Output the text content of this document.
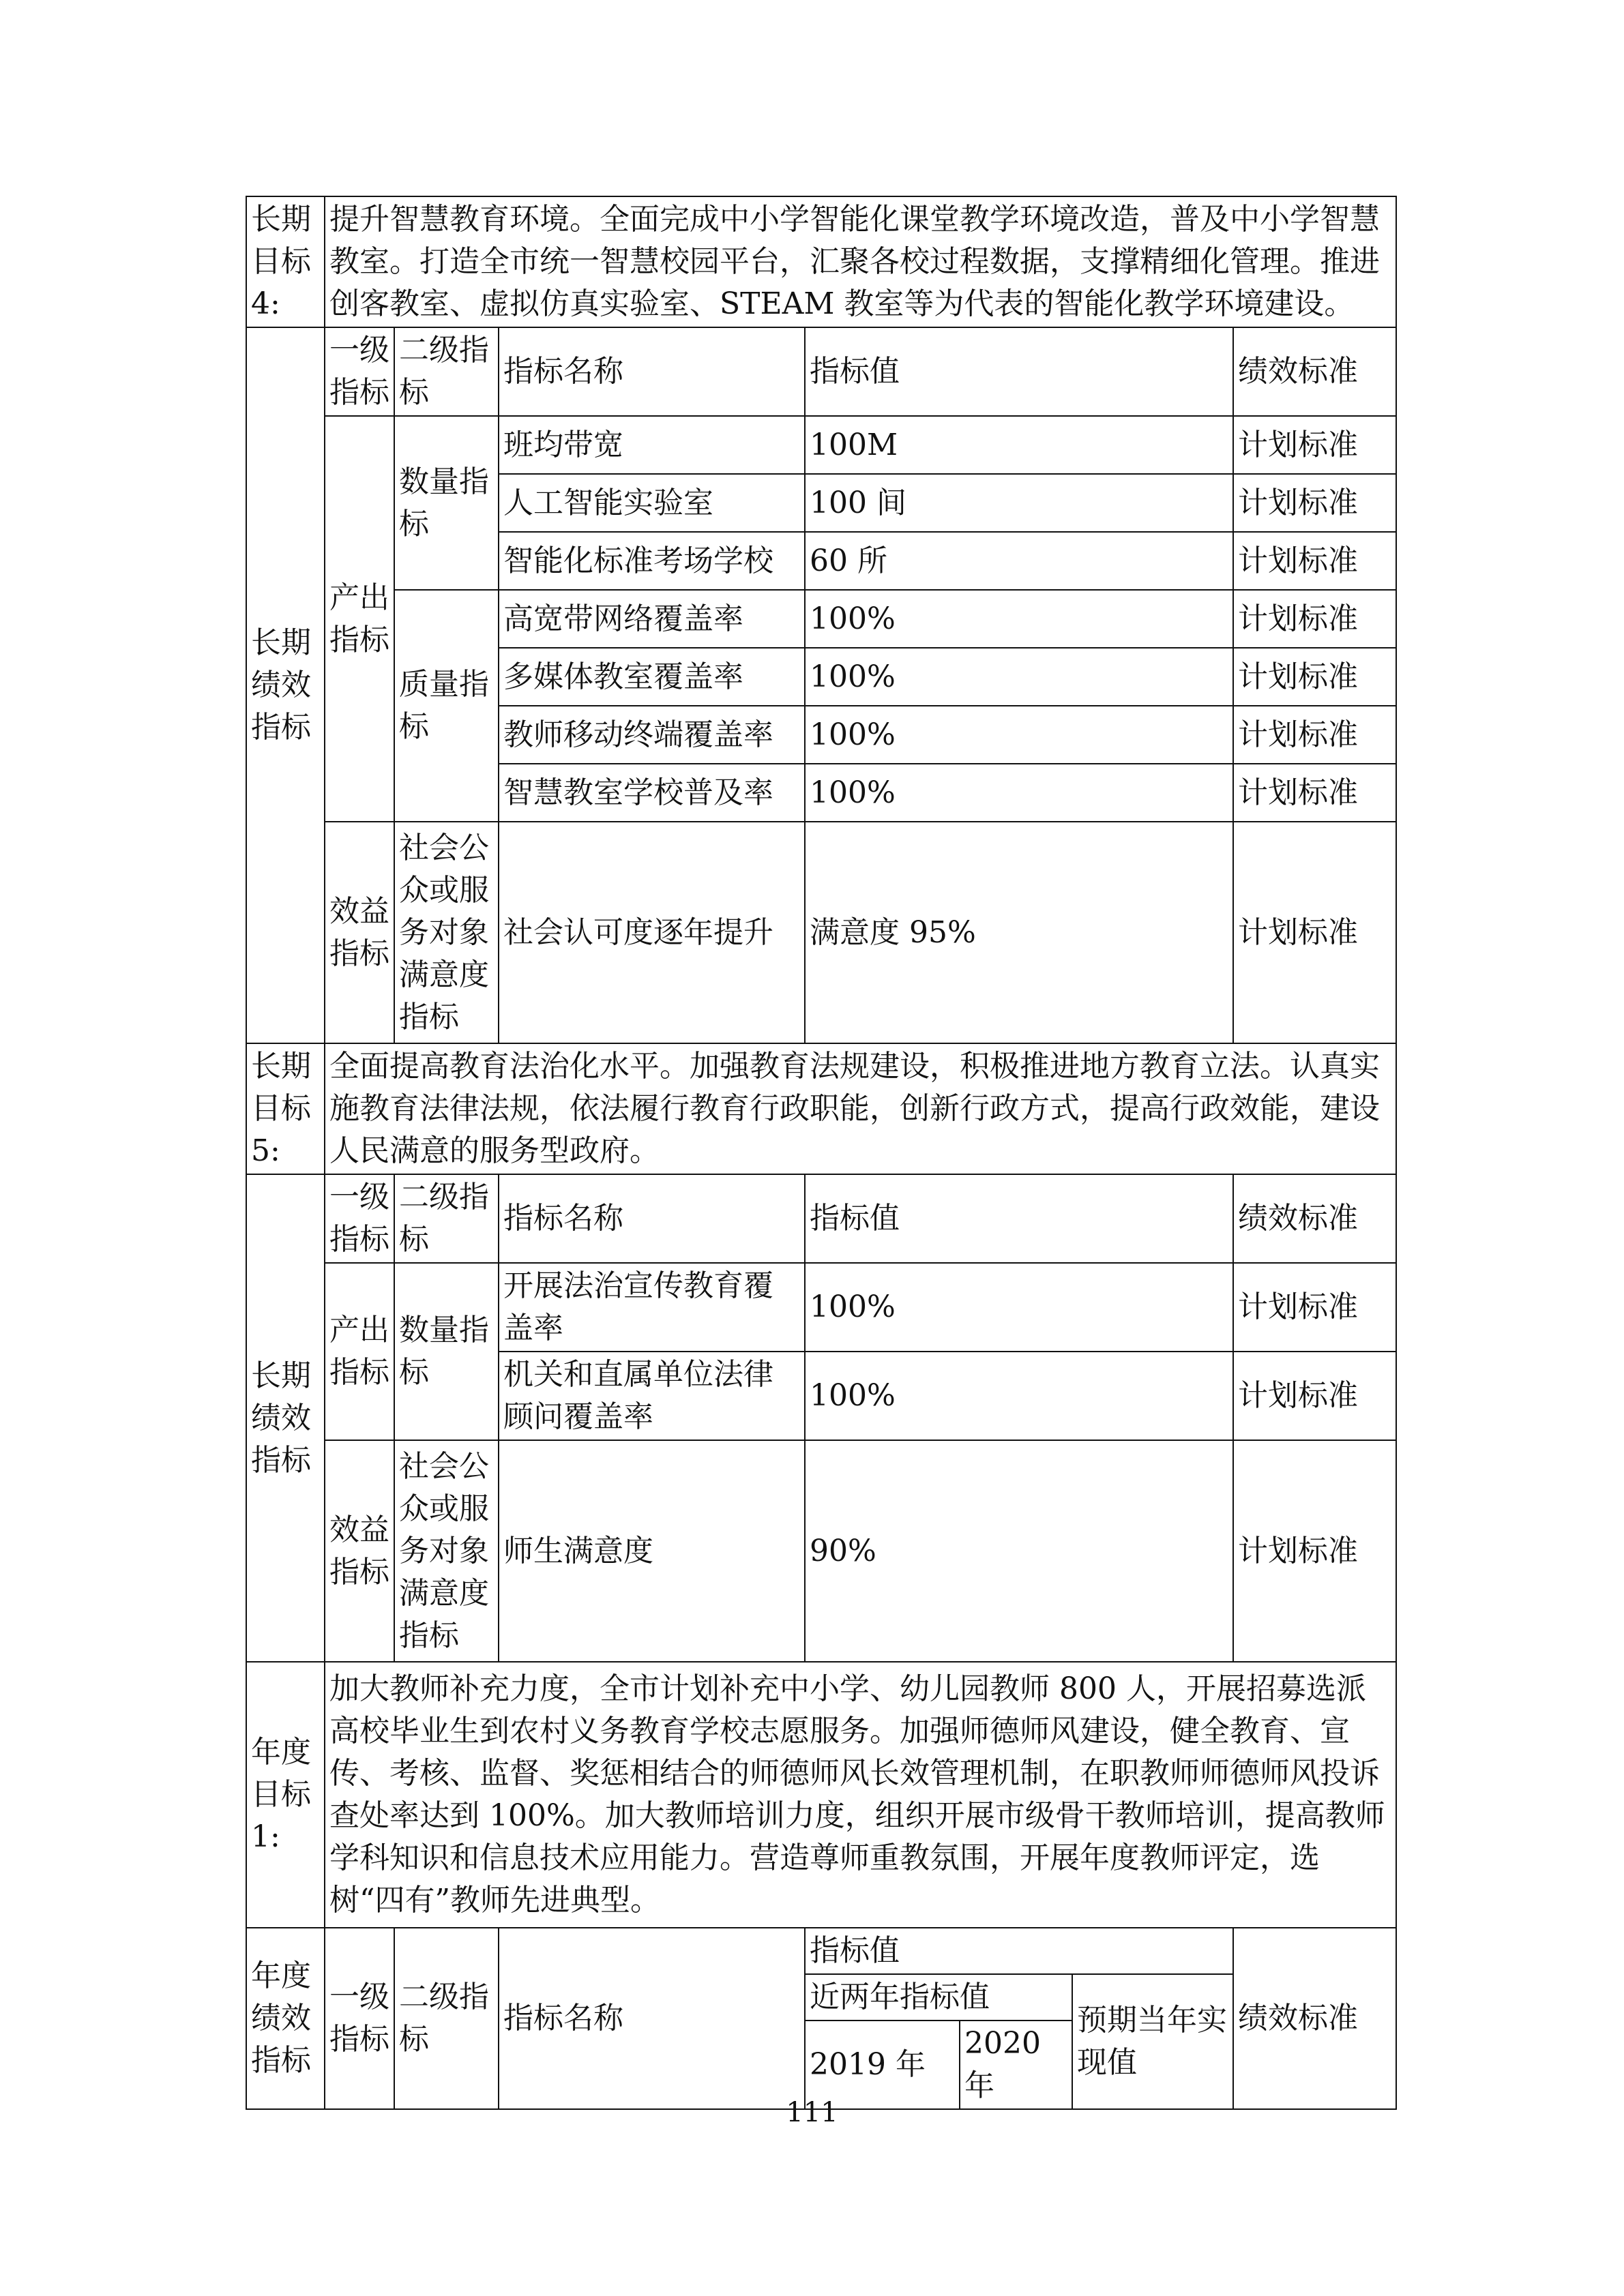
长期目标4:	提升智慧教育环境。全面完成中小学智能化课堂教学环境改造，普及中小学智慧教室。打造全市统一智慧校园平台，汇聚各校过程数据，支撑精细化管理。推进创客教室、虚拟仿真实验室、STEAM 教室等为代表的智能化教学环境建设。						
长期绩效指标	一级指标	二级指标	指标名称	指标值			绩效标准
	产出指标	数量指标	班均带宽	100M			计划标准
			人工智能实验室	100 间			计划标准
			智能化标准考场学校	60 所			计划标准
		质量指标	高宽带网络覆盖率	100%			计划标准
			多媒体教室覆盖率	100%			计划标准
			教师移动终端覆盖率	100%			计划标准
			智慧教室学校普及率	100%			计划标准
	效益指标	社会公众或服务对象满意度指标	社会认可度逐年提升	满意度 95%			计划标准
长期目标5:	全面提高教育法治化水平。加强教育法规建设，积极推进地方教育立法。认真实施教育法律法规，依法履行教育行政职能，创新行政方式，提高行政效能，建设人民满意的服务型政府。						
长期绩效指标	一级指标	二级指标	指标名称	指标值			绩效标准
	产出指标	数量指标	开展法治宣传教育覆盖率	100%			计划标准
			机关和直属单位法律顾问覆盖率	100%			计划标准
	效益指标	社会公众或服务对象满意度指标	师生满意度	90%			计划标准
年度目标1:	加大教师补充力度，全市计划补充中小学、幼儿园教师 800 人，开展招募选派高校毕业生到农村义务教育学校志愿服务。加强师德师风建设，健全教育、宣传、考核、监督、奖惩相结合的师德师风长效管理机制，在职教师师德师风投诉查处率达到 100%。加大教师培训力度，组织开展市级骨干教师培训，提高教师学科知识和信息技术应用能力。营造尊师重教氛围，开展年度教师评定，选树“四有”教师先进典型。						
年度绩效指标	一级指标	二级指标	指标名称	指标值			绩效标准
				近两年指标值		预期当年实现值	
				2019 年	2020 年		
111
